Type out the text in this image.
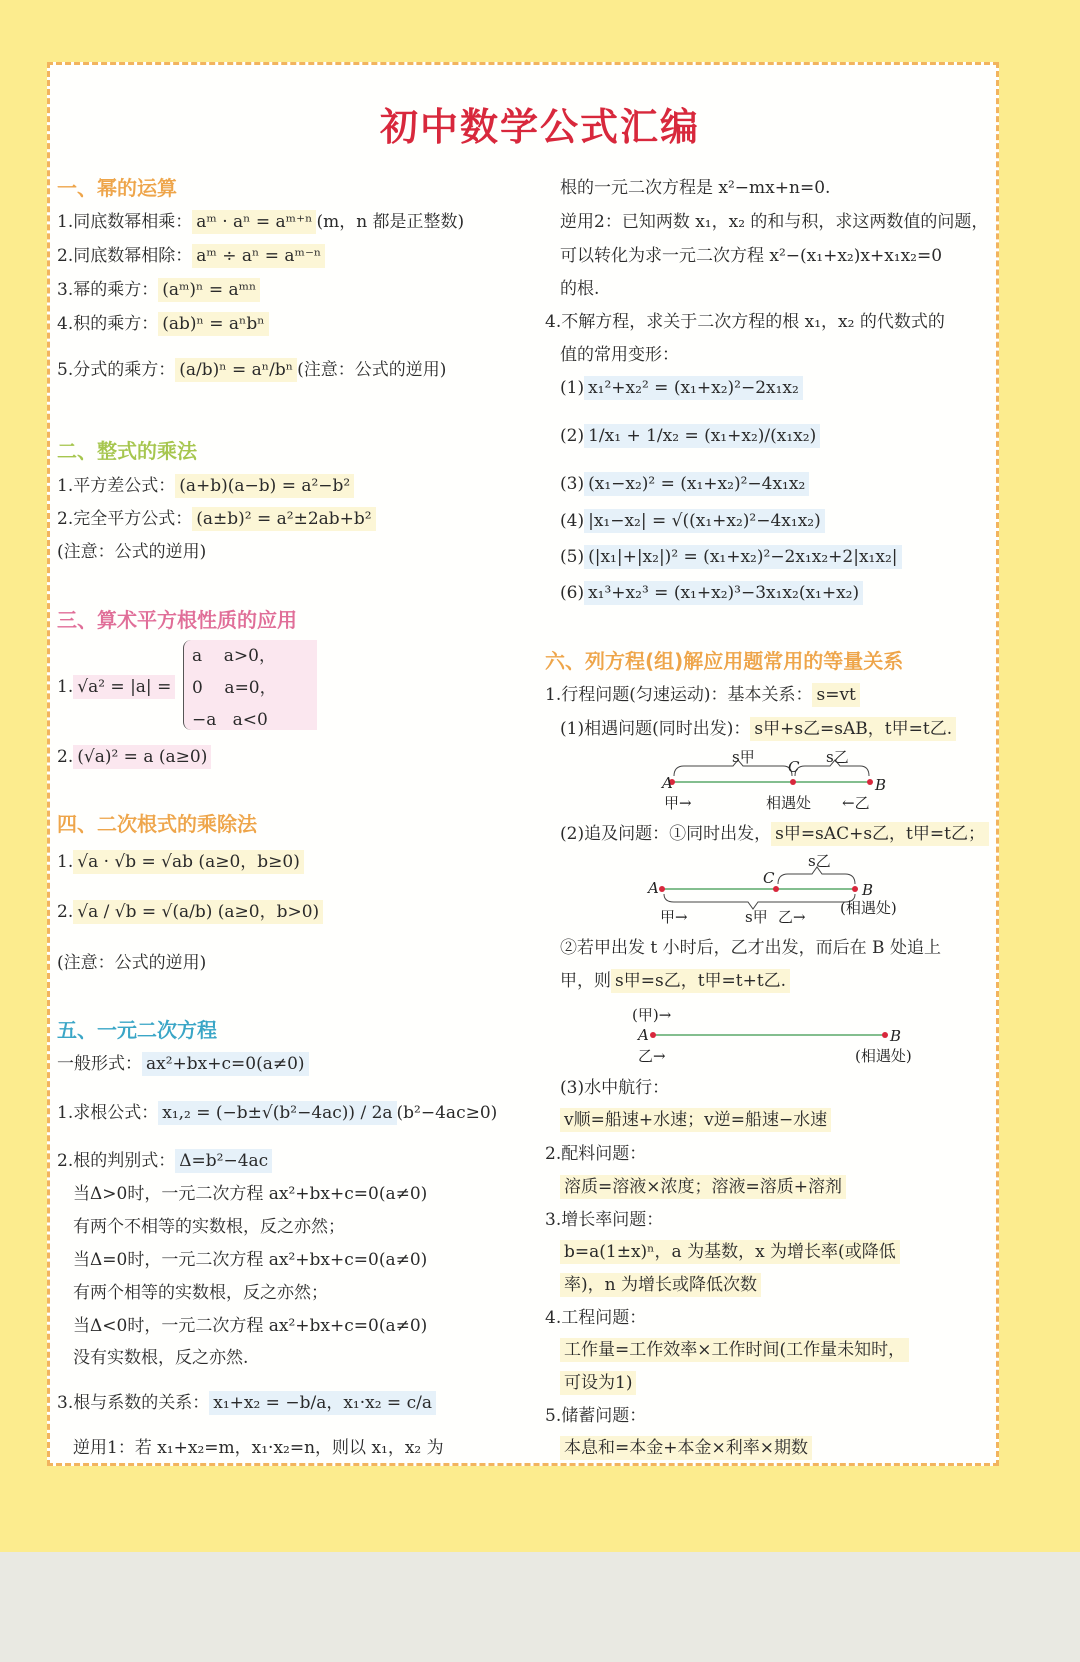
初中数学公式汇编
一、幂的运算
1.同底数幂相乘： aᵐ · aⁿ = aᵐ⁺ⁿ (m，n 都是正整数)
2.同底数幂相除： aᵐ ÷ aⁿ = aᵐ⁻ⁿ
3.幂的乘方： (aᵐ)ⁿ = aᵐⁿ
4.积的乘方： (ab)ⁿ = aⁿbⁿ
5.分式的乘方： (a/b)ⁿ = aⁿ/bⁿ (注意：公式的逆用)
二、整式的乘法
1.平方差公式： (a+b)(a−b) = a²−b²
2.完全平方公式： (a±b)² = a²±2ab+b²
(注意：公式的逆用)
三、算术平方根性质的应用
1. √a² = |a| =
a    a>0，
0    a=0，
−a   a<0
2. (√a)² = a (a≥0)
四、二次根式的乘除法
1. √a · √b = √ab (a≥0，b≥0)
2. √a / √b = √(a/b) (a≥0，b>0)
(注意：公式的逆用)
五、一元二次方程
一般形式： ax²+bx+c=0(a≠0)
1.求根公式： x₁,₂ = (−b±√(b²−4ac)) / 2a (b²−4ac≥0)
2.根的判别式： Δ=b²−4ac
当Δ>0时，一元二次方程 ax²+bx+c=0(a≠0)
有两个不相等的实数根，反之亦然；
当Δ=0时，一元二次方程 ax²+bx+c=0(a≠0)
有两个相等的实数根，反之亦然；
当Δ<0时，一元二次方程 ax²+bx+c=0(a≠0)
没有实数根，反之亦然.
3.根与系数的关系： x₁+x₂ = −b/a，x₁·x₂ = c/a
逆用1：若 x₁+x₂=m，x₁·x₂=n，则以 x₁，x₂ 为
根的一元二次方程是 x²−mx+n=0.
逆用2：已知两数 x₁，x₂ 的和与积，求这两数值的问题，
可以转化为求一元二次方程 x²−(x₁+x₂)x+x₁x₂=0
的根.
4.不解方程，求关于二次方程的根 x₁，x₂ 的代数式的
值的常用变形：
(1) x₁²+x₂² = (x₁+x₂)²−2x₁x₂
(2) 1/x₁ + 1/x₂ = (x₁+x₂)/(x₁x₂)
(3) (x₁−x₂)² = (x₁+x₂)²−4x₁x₂
(4) |x₁−x₂| = √((x₁+x₂)²−4x₁x₂)
(5) (|x₁|+|x₂|)² = (x₁+x₂)²−2x₁x₂+2|x₁x₂|
(6) x₁³+x₂³ = (x₁+x₂)³−3x₁x₂(x₁+x₂)
六、列方程(组)解应用题常用的等量关系
1.行程问题(匀速运动)：基本关系： s=vt
(1)相遇问题(同时出发)： s甲+s乙=sAB，t甲=t乙.
(2)追及问题：①同时出发， s甲=sAC+s乙，t甲=t乙；
②若甲出发 t 小时后，乙才出发，而后在 B 处追上
甲，则 s甲=s乙，t甲=t+t乙.
(3)水中航行：
v顺=船速+水速；v逆=船速−水速
2.配料问题：
溶质=溶液×浓度；溶液=溶质+溶剂
3.增长率问题：
b=a(1±x)ⁿ，a 为基数，x 为增长率(或降低
率)，n 为增长或降低次数
4.工程问题：
工作量=工作效率×工作时间(工作量未知时，
可设为1)
5.储蓄问题：
本息和=本金+本金×利率×期数
s甲
C
s乙
A	B
甲→	相遇处 ←乙
A
C
s乙
B
(相遇处)
甲→	s甲 乙→
(甲)→
A	B
乙→	(相遇处)
